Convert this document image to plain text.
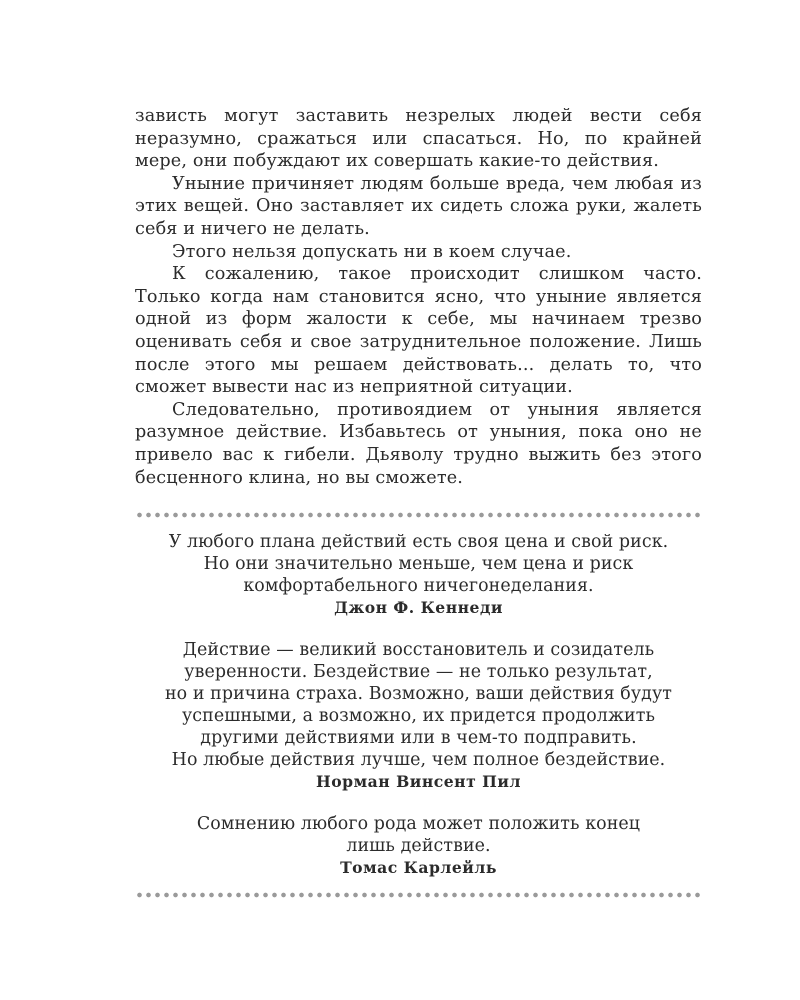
зависть могут заставить незрелых людей вести себя неразумно, сражаться или спасаться. Но, по крайней мере, они побуждают их совершать какие-то действия.

Уныние причиняет людям больше вреда, чем любая из этих вещей. Оно заставляет их сидеть сложа руки, жалеть себя и ничего не делать.

Этого нельзя допускать ни в коем случае.

К сожалению, такое происходит слишком часто. Только когда нам становится ясно, что уныние является одной из форм жалости к себе, мы начинаем трезво оценивать себя и свое затруднительное положение. Лишь после этого мы решаем действовать... делать то, что сможет вывести нас из неприятной ситуации.

Следовательно, противоядием от уныния является разумное действие. Избавьтесь от уныния, пока оно не привело вас к гибели. Дьяволу трудно выжить без этого бесценного клина, но вы сможете.

У любого плана действий есть своя цена и свой риск.
Но они значительно меньше, чем цена и риск
комфортабельного ничегонеделания.
Джон Ф. Кеннеди
Действие — великий восстановитель и созидатель
уверенности. Бездействие — не только результат,
но и причина страха. Возможно, ваши действия будут
успешными, а возможно, их придется продолжить
другими действиями или в чем-то подправить.
Но любые действия лучше, чем полное бездействие.
Норман Винсент Пил
Сомнению любого рода может положить конец
лишь действие.
Томас Карлейль
